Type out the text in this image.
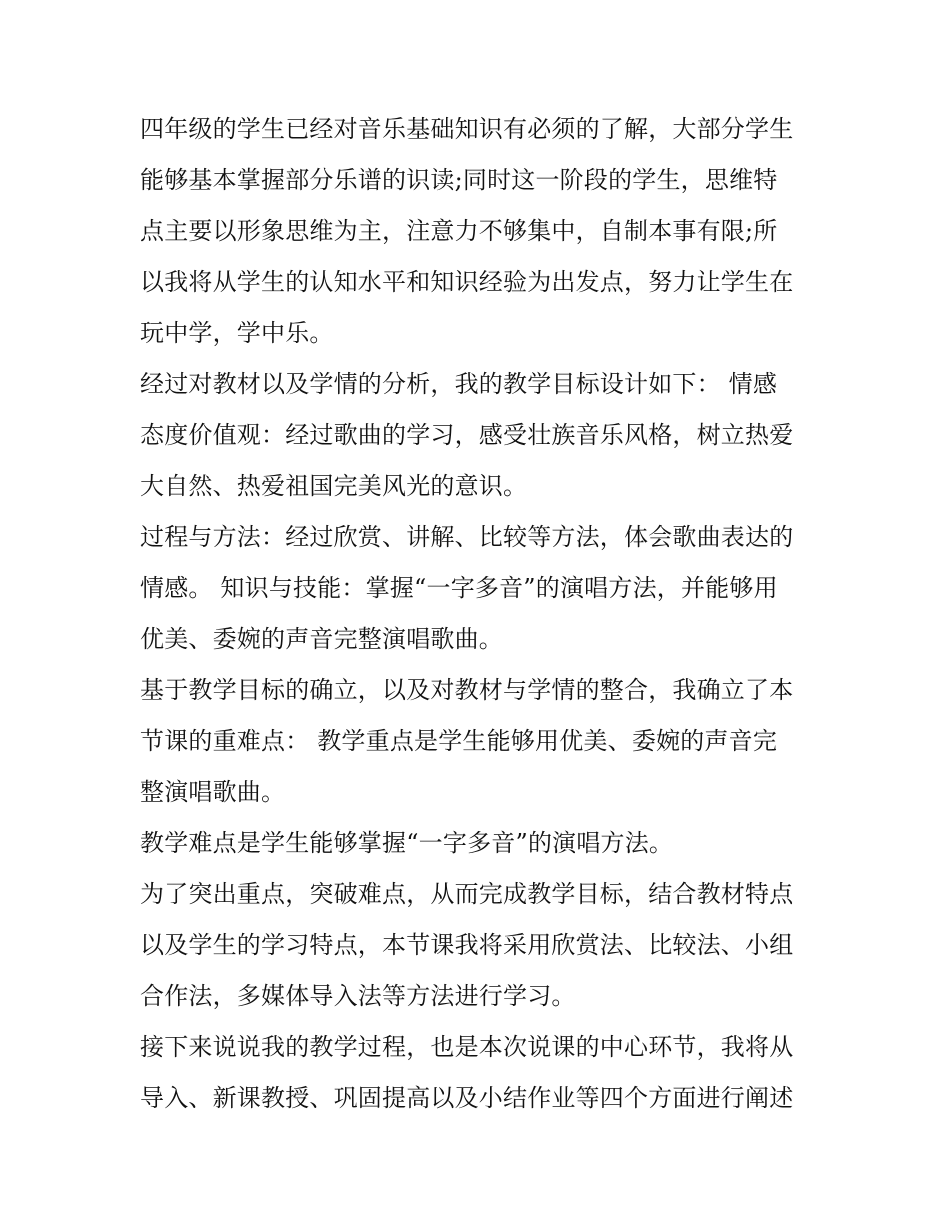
四年级的学生已经对音乐基础知识有必须的了解，大部分学生
能够基本掌握部分乐谱的识读;同时这一阶段的学生，思维特
点主要以形象思维为主，注意力不够集中，自制本事有限;所
以我将从学生的认知水平和知识经验为出发点，努力让学生在
玩中学，学中乐。

经过对教材以及学情的分析，我的教学目标设计如下： 情感
态度价值观：经过歌曲的学习，感受壮族音乐风格，树立热爱
大自然、热爱祖国完美风光的意识。

过程与方法：经过欣赏、讲解、比较等方法，体会歌曲表达的
情感。 知识与技能：掌握“一字多音”的演唱方法，并能够用
优美、委婉的声音完整演唱歌曲。

基于教学目标的确立，以及对教材与学情的整合，我确立了本
节课的重难点： 教学重点是学生能够用优美、委婉的声音完
整演唱歌曲。

教学难点是学生能够掌握“一字多音”的演唱方法。

为了突出重点，突破难点，从而完成教学目标，结合教材特点
以及学生的学习特点，本节课我将采用欣赏法、比较法、小组
合作法，多媒体导入法等方法进行学习。

接下来说说我的教学过程，也是本次说课的中心环节，我将从
导入、新课教授、巩固提高以及小结作业等四个方面进行阐述
